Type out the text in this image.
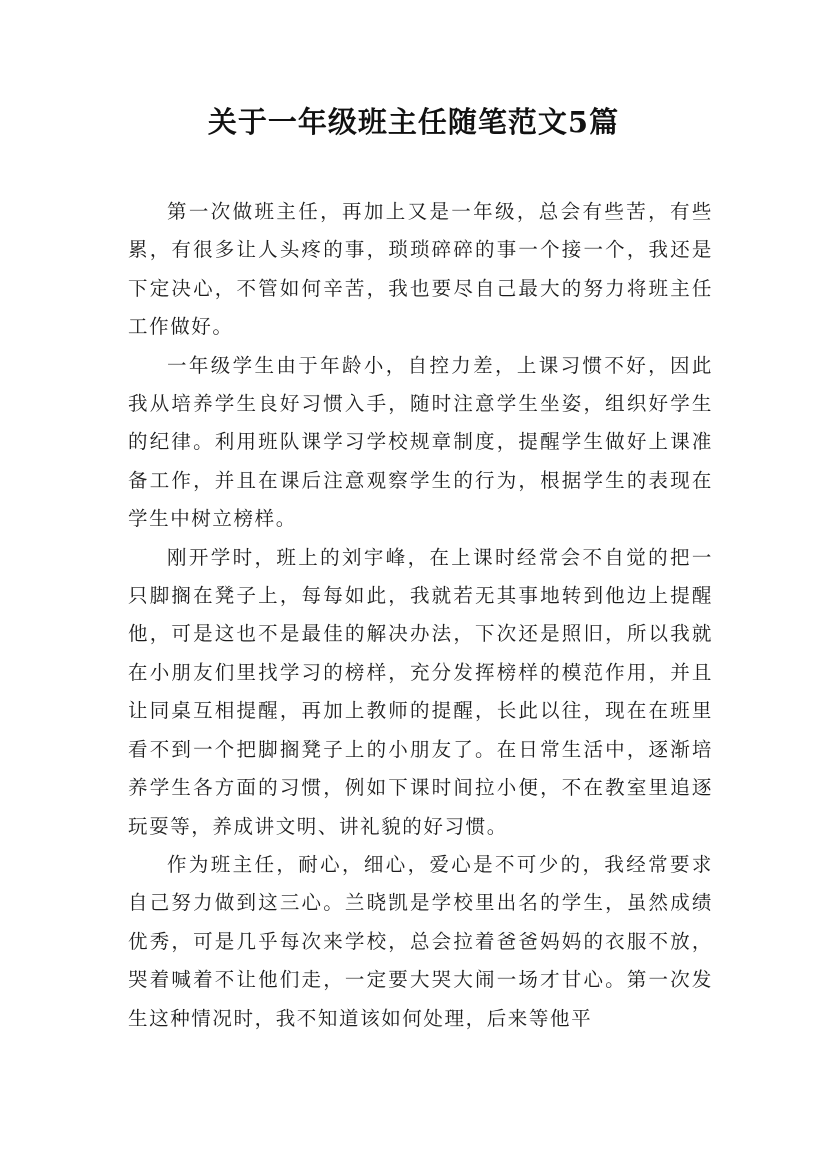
关于一年级班主任随笔范文5篇

第一次做班主任，再加上又是一年级，总会有些苦，有些累，有很多让人头疼的事，琐琐碎碎的事一个接一个，我还是下定决心，不管如何辛苦，我也要尽自己最大的努力将班主任工作做好。

一年级学生由于年龄小，自控力差，上课习惯不好，因此我从培养学生良好习惯入手，随时注意学生坐姿，组织好学生的纪律。利用班队课学习学校规章制度，提醒学生做好上课准备工作，并且在课后注意观察学生的行为，根据学生的表现在学生中树立榜样。

刚开学时，班上的刘宇峰，在上课时经常会不自觉的把一只脚搁在凳子上，每每如此，我就若无其事地转到他边上提醒他，可是这也不是最佳的解决办法，下次还是照旧，所以我就在小朋友们里找学习的榜样，充分发挥榜样的模范作用，并且让同桌互相提醒，再加上教师的提醒，长此以往，现在在班里看不到一个把脚搁凳子上的小朋友了。在日常生活中，逐渐培养学生各方面的习惯，例如下课时间拉小便，不在教室里追逐玩耍等，养成讲文明、讲礼貌的好习惯。

作为班主任，耐心，细心，爱心是不可少的，我经常要求自己努力做到这三心。兰晓凯是学校里出名的学生，虽然成绩优秀，可是几乎每次来学校，总会拉着爸爸妈妈的衣服不放，哭着喊着不让他们走，一定要大哭大闹一场才甘心。第一次发生这种情况时，我不知道该如何处理，后来等他平
